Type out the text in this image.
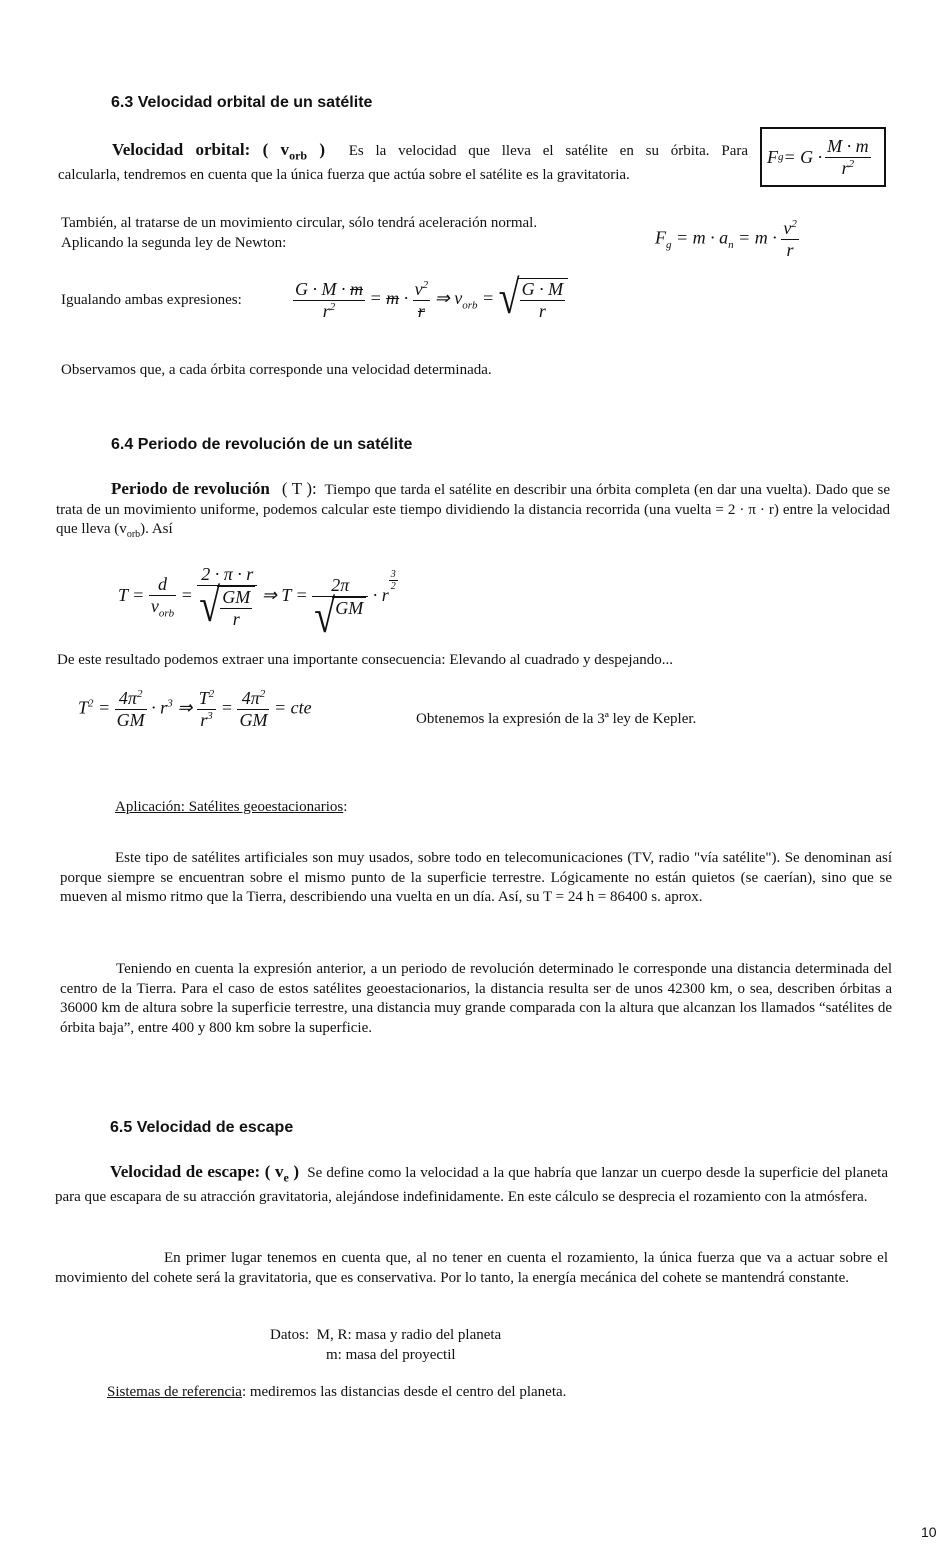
6.3 Velocidad orbital de un satélite
Velocidad orbital: ( $v_{orb}$ ) Es la velocidad que lleva el satélite en su órbita. Para
calcularla, tendremos en cuenta que la única fuerza que actúa sobre el satélite es la gravitatoria.
F g = G ·
M · m
$r^2$
También, al tratarse de un movimiento circular, sólo tendrá aceleración normal.
Aplicando la segunda ley de Newton:	$F_g = m \cdot a_n = m \cdot \frac{v^2}{r}$
Igualando ambas expresiones:	$\frac{G \cdot M \cdot m}{r^2} = m \cdot \frac{v^2}{r}$ ⇒ $v_{orb}$ =
√ $\frac{G \cdot M}{r}$
Observamos que, a cada órbita corresponde una velocidad determinada.
6.4 Periodo de revolución de un satélite
Periodo de revolución ( T ): Tiempo que tarda el satélite en describir una órbita completa (en dar una vuelta). Dado que se trata de un movimiento uniforme, podemos calcular este tiempo dividiendo la distancia recorrida (una vuelta = 2 · π · r) entre la velocidad que lleva $(v_{orb})$. Así
T =
d
$v_{orb}$
=
2 · π · r
√ $\frac{GM}{r}$ ⇒ T = 2π
√ GM · r
$^{\frac{3}{2}}$
De este resultado podemos extraer una importante consecuencia: Elevando al cuadrado y despejando...
$T^2 = \frac{4\pi^2}{GM} \cdot r^3$ ⇒ $\frac{T^2}{r^3} = \frac{4\pi^2}{GM}$ = cte
Obtenemos la expresión de la 3ª ley de Kepler.
Aplicación: Satélites geoestacionarios:
Este tipo de satélites artificiales son muy usados, sobre todo en telecomunicaciones (TV, radio "vía satélite"). Se denominan así porque siempre se encuentran sobre el mismo punto de la superficie terrestre. Lógicamente no están quietos (se caerían), sino que se mueven al mismo ritmo que la Tierra, describiendo una vuelta en un día. Así, su T = 24 h = 86400 s. aprox.
Teniendo en cuenta la expresión anterior, a un periodo de revolución determinado le corresponde una distancia determinada del centro de la Tierra. Para el caso de estos satélites geoestacionarios, la distancia resulta ser de unos 42300 km, o sea, describen órbitas a 36000 km de altura sobre la superficie terrestre, una distancia muy grande comparada con la altura que alcanzan los llamados “satélites de órbita baja”, entre 400 y 800 km sobre la superficie.
6.5 Velocidad de escape
Velocidad de escape: ( $v_e$ ) Se define como la velocidad a la que habría que lanzar un cuerpo desde la superficie del planeta para que escapara de su atracción gravitatoria, alejándose indefinidamente. En este cálculo se desprecia el rozamiento con la atmósfera.
En primer lugar tenemos en cuenta que, al no tener en cuenta el rozamiento, la única fuerza que va a actuar sobre el movimiento del cohete será la gravitatoria, que es conservativa. Por lo tanto, la energía mecánica del cohete se mantendrá constante.
Datos: M, R: masa y radio del planeta
m: masa del proyectil
Sistemas de referencia: mediremos las distancias desde el centro del planeta.
10
